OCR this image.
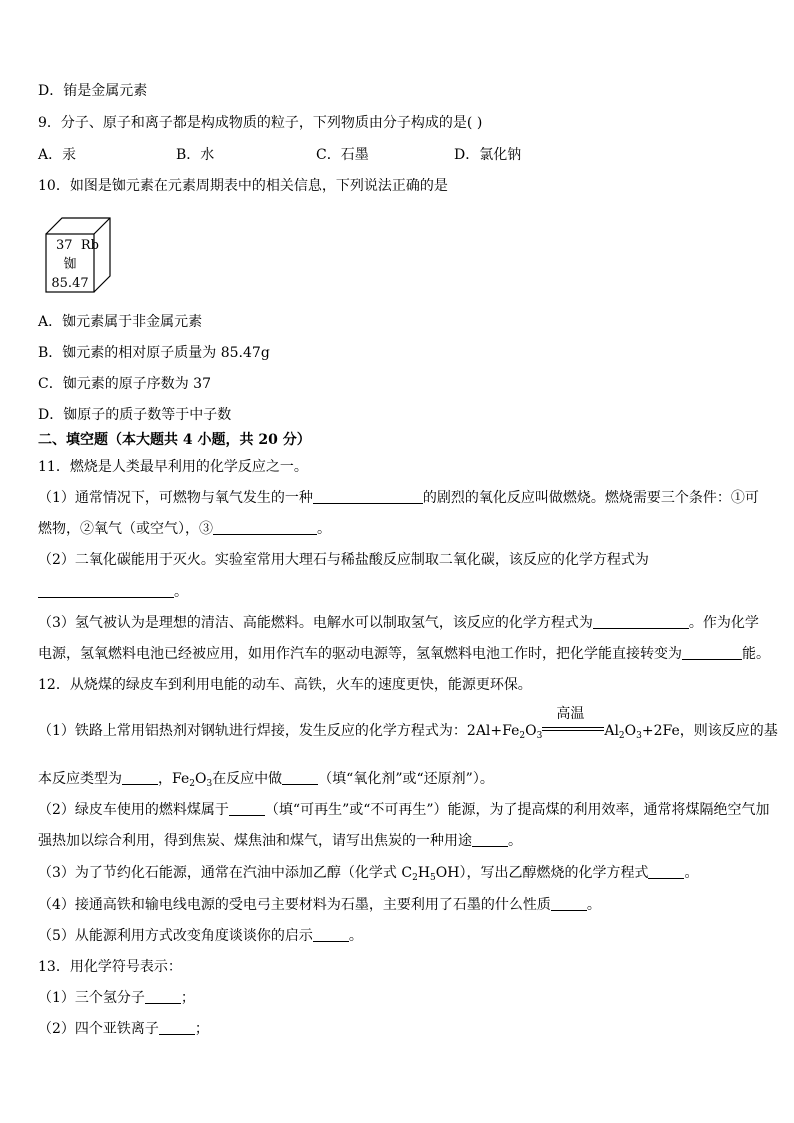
D．铕是金属元素
9．分子、原子和离子都是构成物质的粒子，下列物质由分子构成的是( )
A．汞	B．水	C．石墨	D．氯化钠
10．如图是铷元素在元素周期表中的相关信息，下列说法正确的是
37 Rb
铷
85.47
A．铷元素属于非金属元素
B．铷元素的相对原子质量为 85.47g
C．铷元素的原子序数为 37
D．铷原子的质子数等于中子数
二、填空题（本大题共 4 小题，共 20 分）
11．燃烧是人类最早利用的化学反应之一。
（1）通常情况下，可燃物与氧气发生的一种	的剧烈的氧化反应叫做燃烧。燃烧需要三个条件：①可
燃物，②氧气（或空气），③	。
（2）二氧化碳能用于灭火。实验室常用大理石与稀盐酸反应制取二氧化碳，该反应的化学方程式为
。
（3）氢气被认为是理想的清洁、高能燃料。电解水可以制取氢气，该反应的化学方程式为	。作为化学
电源，氢氧燃料电池已经被应用，如用作汽车的驱动电源等，氢氧燃料电池工作时，把化学能直接转变为	能。
12．从烧煤的绿皮车到利用电能的动车、高铁，火车的速度更快，能源更环保。
（1）铁路上常用铝热剂对钢轨进行焊接，发生反应的化学方程式为：$2Al+Fe_2O_3$
高温
$Al_2O_3+2Fe$，则该反应的基
本反应类型为	，$Fe_2O_3$在反应中做	（填“氧化剂”或“还原剂”）。
（2）绿皮车使用的燃料煤属于	（填“可再生”或“不可再生”）能源，为了提高煤的利用效率，通常将煤隔绝空气加
强热加以综合利用，得到焦炭、煤焦油和煤气，请写出焦炭的一种用途	。
（3）为了节约化石能源，通常在汽油中添加乙醇（化学式 $C_2H_5OH$），写出乙醇燃烧的化学方程式	。
（4）接通高铁和输电线电源的受电弓主要材料为石墨，主要利用了石墨的什么性质	。
（5）从能源利用方式改变角度谈谈你的启示	。
13．用化学符号表示：
（1）三个氢分子	；
（2）四个亚铁离子	；
